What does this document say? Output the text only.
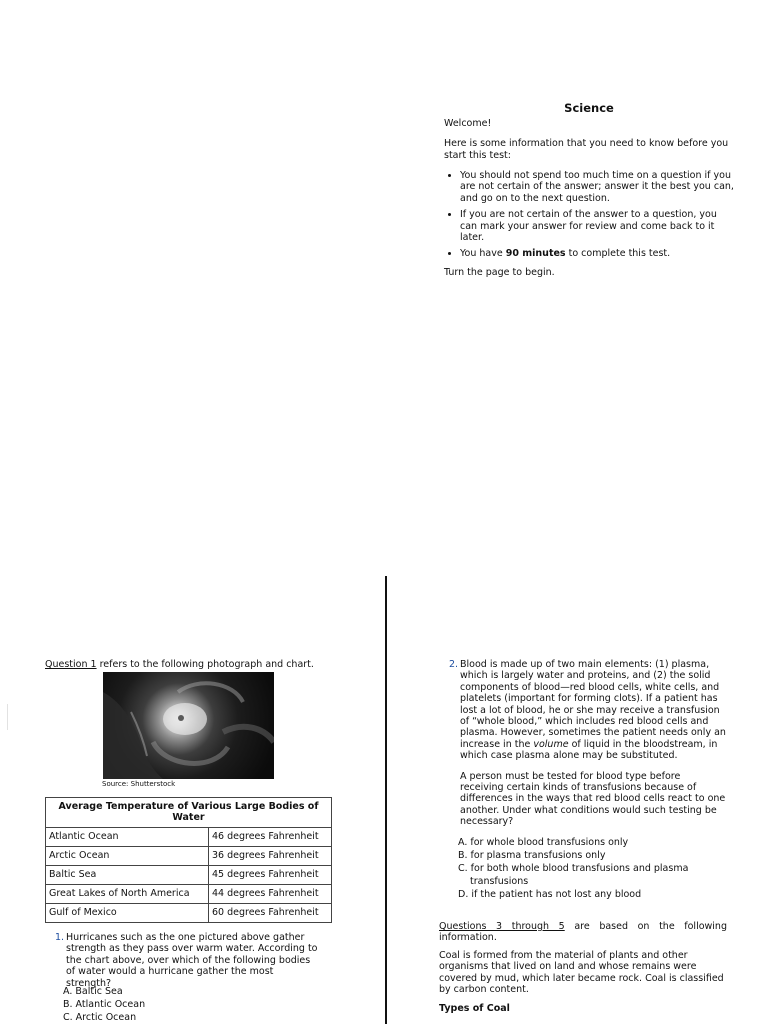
Science

Welcome!

Here is some information that you need to know before you start this test:

• You should not spend too much time on a question if you are not certain of the answer; answer it the best you can, and go on to the next question.
• If you are not certain of the answer to a question, you can mark your answer for review and come back to it later.
• You have 90 minutes to complete this test.

Turn the page to begin.

Question 1 refers to the following photograph and chart.
Source: Shutterstock
Average Temperature of Various Large Bodies of Water	
Atlantic Ocean	46 degrees Fahrenheit
Arctic Ocean	36 degrees Fahrenheit
Baltic Sea	45 degrees Fahrenheit
Great Lakes of North America	44 degrees Fahrenheit
Gulf of Mexico	60 degrees Fahrenheit
1. Hurricanes such as the one pictured above gather strength as they pass over warm water. According to the chart above, over which of the following bodies of water would a hurricane gather the most strength?
A. Baltic Sea
B. Atlantic Ocean
C. Arctic Ocean
2. Blood is made up of two main elements: (1) plasma, which is largely water and proteins, and (2) the solid components of blood—red blood cells, white cells, and platelets (important for forming clots). If a patient has lost a lot of blood, he or she may receive a transfusion of “whole blood,” which includes red blood cells and plasma. However, sometimes the patient needs only an increase in the volume of liquid in the bloodstream, in which case plasma alone may be substituted.

A person must be tested for blood type before receiving certain kinds of transfusions because of differences in the ways that red blood cells react to one another. Under what conditions would such testing be necessary?

A. for whole blood transfusions only
B. for plasma transfusions only
C. for both whole blood transfusions and plasma transfusions
D. if the patient has not lost any blood

Questions 3 through 5 are based on the following information.

Coal is formed from the material of plants and other organisms that lived on land and whose remains were covered by mud, which later became rock. Coal is classified by carbon content.

Types of Coal
